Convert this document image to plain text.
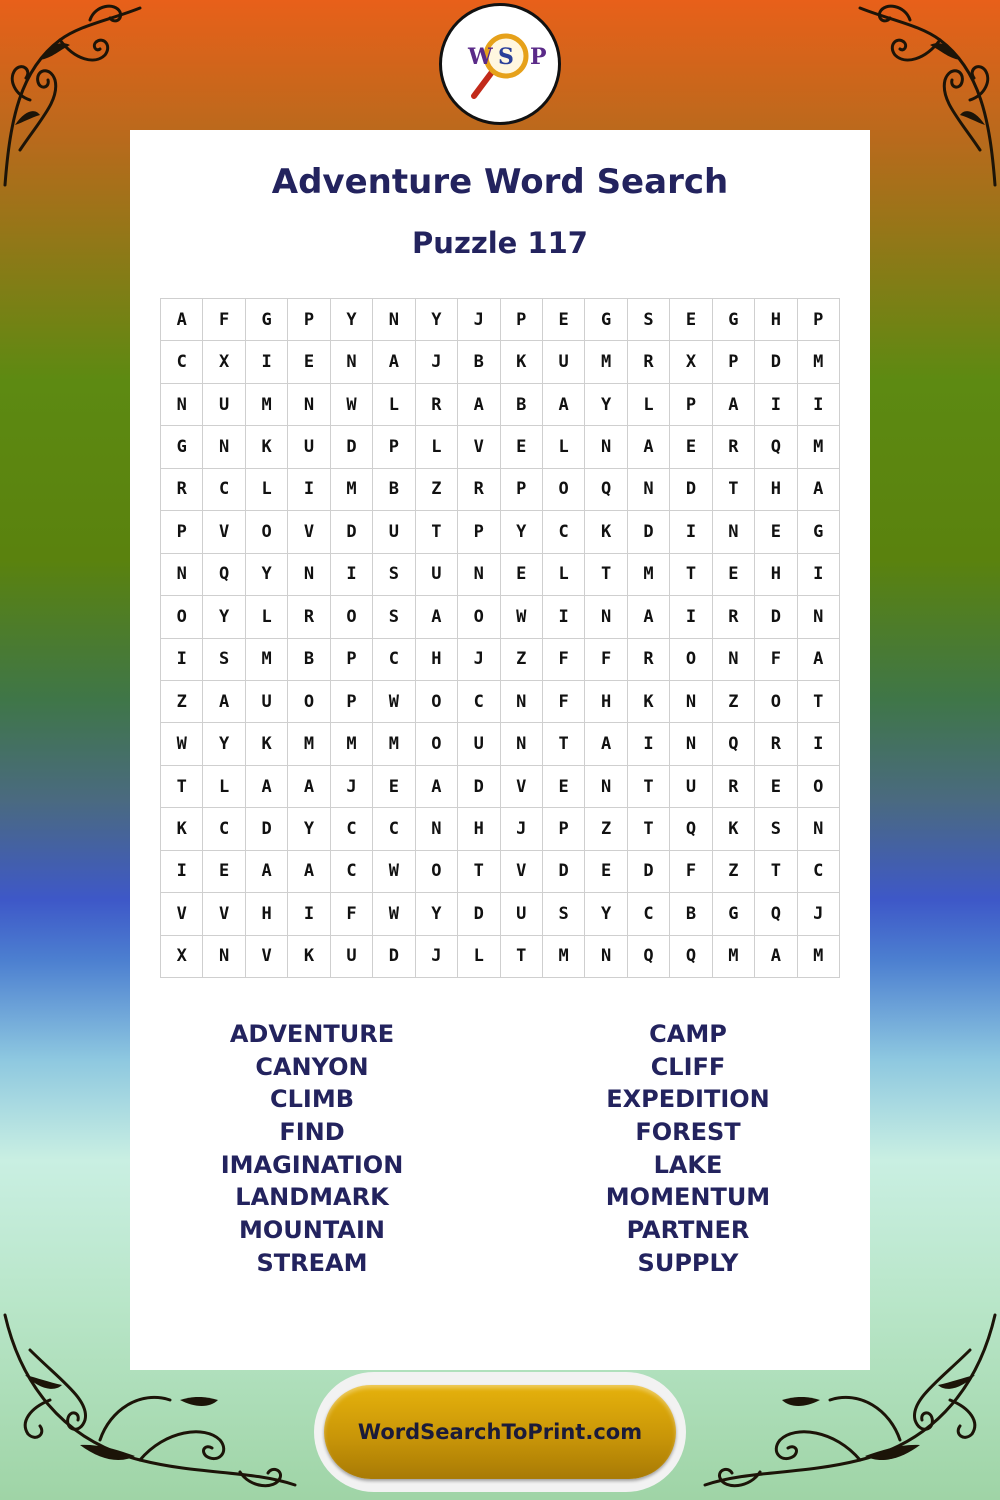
W S P
Adventure Word Search
Puzzle 117
A	F	G	P	Y	N	Y	J	P	E	G	S	E	G	H	P
C	X	I	E	N	A	J	B	K	U	M	R	X	P	D	M
N	U	M	N	W	L	R	A	B	A	Y	L	P	A	I	I
G	N	K	U	D	P	L	V	E	L	N	A	E	R	Q	M
R	C	L	I	M	B	Z	R	P	O	Q	N	D	T	H	A
P	V	O	V	D	U	T	P	Y	C	K	D	I	N	E	G
N	Q	Y	N	I	S	U	N	E	L	T	M	T	E	H	I
O	Y	L	R	O	S	A	O	W	I	N	A	I	R	D	N
I	S	M	B	P	C	H	J	Z	F	F	R	O	N	F	A
Z	A	U	O	P	W	O	C	N	F	H	K	N	Z	O	T
W	Y	K	M	M	M	O	U	N	T	A	I	N	Q	R	I
T	L	A	A	J	E	A	D	V	E	N	T	U	R	E	O
K	C	D	Y	C	C	N	H	J	P	Z	T	Q	K	S	N
I	E	A	A	C	W	O	T	V	D	E	D	F	Z	T	C
V	V	H	I	F	W	Y	D	U	S	Y	C	B	G	Q	J
X	N	V	K	U	D	J	L	T	M	N	Q	Q	M	A	M
ADVENTURE
CANYON
CLIMB
FIND
IMAGINATION
LANDMARK
MOUNTAIN
STREAM
CAMP
CLIFF
EXPEDITION
FOREST
LAKE
MOMENTUM
PARTNER
SUPPLY
WordSearchToPrint.com
